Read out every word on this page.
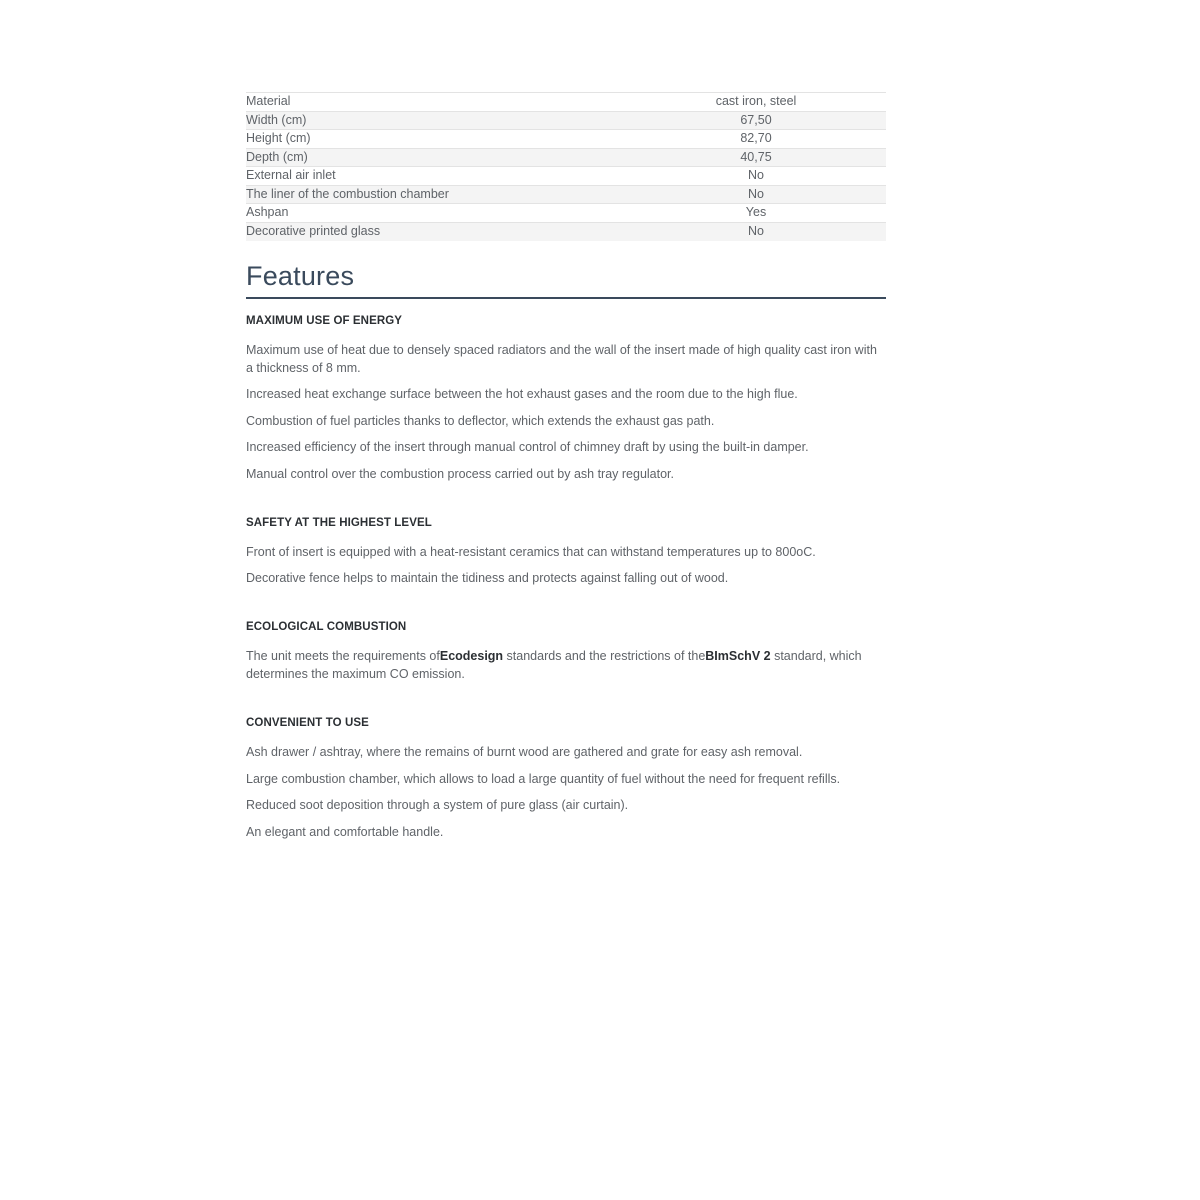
Material	cast iron, steel
Width (cm)	67,50
Height (cm)	82,70
Depth (cm)	40,75
External air inlet	No
The liner of the combustion chamber	No
Ashpan	Yes
Decorative printed glass	No
Features
MAXIMUM USE OF ENERGY

Maximum use of heat due to densely spaced radiators and the wall of the insert made of high quality cast iron with a thickness of 8 mm.

Increased heat exchange surface between the hot exhaust gases and the room due to the high flue.

Combustion of fuel particles thanks to deflector, which extends the exhaust gas path.

Increased efficiency of the insert through manual control of chimney draft by using the built-in damper.

Manual control over the combustion process carried out by ash tray regulator.

SAFETY AT THE HIGHEST LEVEL

Front of insert is equipped with a heat-resistant ceramics that can withstand temperatures up to 800oC.

Decorative fence helps to maintain the tidiness and protects against falling out of wood.

ECOLOGICAL COMBUSTION

The unit meets the requirements ofEcodesign standards and the restrictions of theBImSchV 2 standard, which determines the maximum CO emission.

CONVENIENT TO USE

Ash drawer / ashtray, where the remains of burnt wood are gathered and grate for easy ash removal.

Large combustion chamber, which allows to load a large quantity of fuel without the need for frequent refills.

Reduced soot deposition through a system of pure glass (air curtain).

An elegant and comfortable handle.
